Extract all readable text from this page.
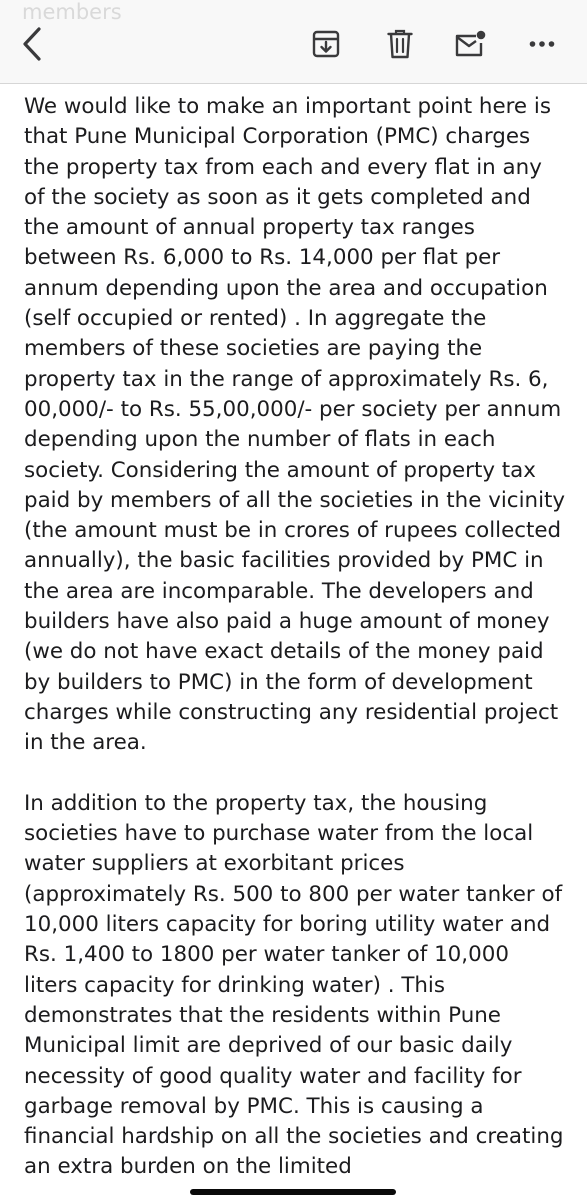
members

We would like to make an important point here is that Pune Municipal Corporation (PMC) charges the property tax from each and every flat in any of the society as soon as it gets completed and the amount of annual property tax ranges between Rs. 6,000 to Rs. 14,000 per flat per annum depending upon the area and occupation (self occupied or rented) . In aggregate the members of these societies are paying the property tax in the range of approximately Rs. 6, 00,000/- to Rs. 55,00,000/- per society per annum depending upon the number of flats in each society. Considering the amount of property tax paid by members of all the societies in the vicinity (the amount must be in crores of rupees collected annually), the basic facilities provided by PMC in the area are incomparable. The developers and builders have also paid a huge amount of money (we do not have exact details of the money paid by builders to PMC) in the form of development charges while constructing any residential project in the area.

In addition to the property tax, the housing societies have to purchase water from the local water suppliers at exorbitant prices (approximately Rs. 500 to 800 per water tanker of 10,000 liters capacity for boring utility water and Rs. 1,400 to 1800 per water tanker of 10,000 liters capacity for drinking water) . This demonstrates that the residents within Pune Municipal limit are deprived of our basic daily necessity of good quality water and facility for garbage removal by PMC. This is causing a financial hardship on all the societies and creating an extra burden on the limited
